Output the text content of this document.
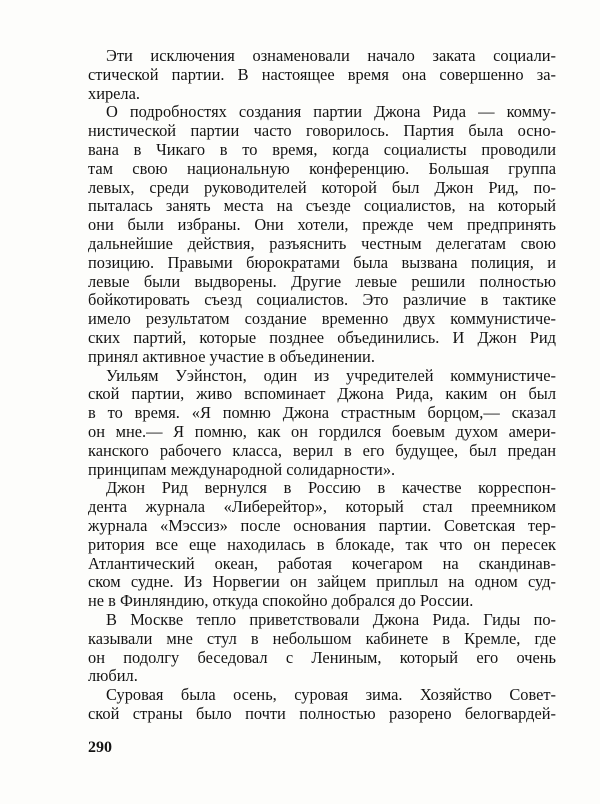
Эти исключения ознаменовали начало заката социали-
стической партии. В настоящее время она совершенно за-
хирела.
О подробностях создания партии Джона Рида — комму-
нистической партии часто говорилось. Партия была осно-
вана в Чикаго в то время, когда социалисты проводили
там свою национальную конференцию. Большая группа
левых, среди руководителей которой был Джон Рид, по-
пыталась занять места на съезде социалистов, на который
они были избраны. Они хотели, прежде чем предпринять
дальнейшие действия, разъяснить честным делегатам свою
позицию. Правыми бюрократами была вызвана полиция, и
левые были выдворены. Другие левые решили полностью
бойкотировать съезд социалистов. Это различие в тактике
имело результатом создание временно двух коммунистиче-
ских партий, которые позднее объединились. И Джон Рид
принял активное участие в объединении.
Уильям Уэйнстон, один из учредителей коммунистиче-
ской партии, живо вспоминает Джона Рида, каким он был
в то время. «Я помню Джона страстным борцом,— сказал
он мне.— Я помню, как он гордился боевым духом амери-
канского рабочего класса, верил в его будущее, был предан
принципам международной солидарности».
Джон Рид вернулся в Россию в качестве корреспон-
дента журнала «Либерейтор», который стал преемником
журнала «Мэссиз» после основания партии. Советская тер-
ритория все еще находилась в блокаде, так что он пересек
Атлантический океан, работая кочегаром на скандинав-
ском судне. Из Норвегии он зайцем приплыл на одном суд-
не в Финляндию, откуда спокойно добрался до России.
В Москве тепло приветствовали Джона Рида. Гиды по-
казывали мне стул в небольшом кабинете в Кремле, где
он подолгу беседовал с Лениным, который его очень
любил.
Суровая была осень, суровая зима. Хозяйство Совет-
ской страны было почти полностью разорено белогвардей-
290
